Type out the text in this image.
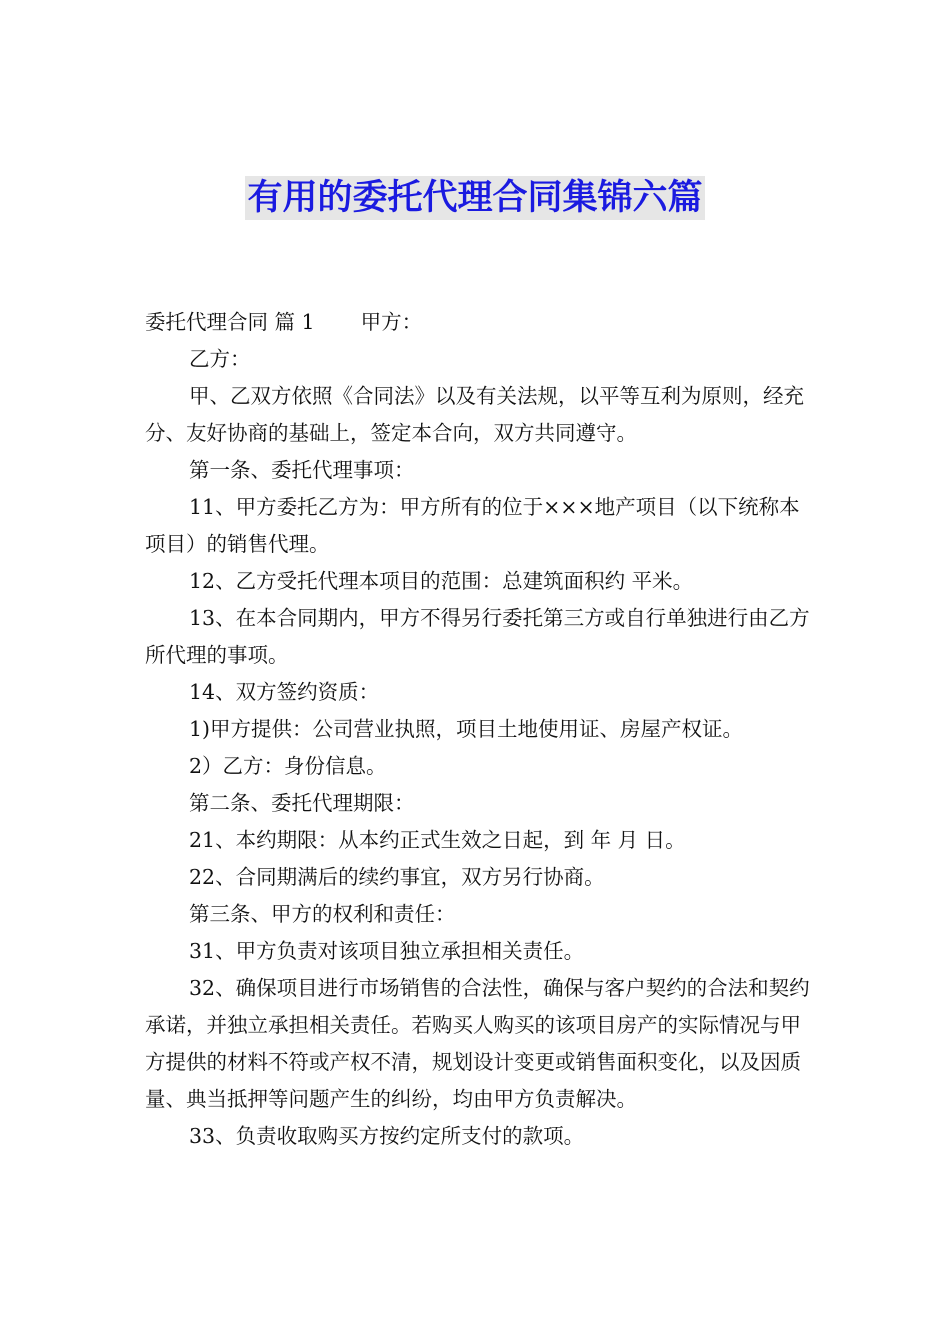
有用的委托代理合同集锦六篇

委托代理合同 篇 1 甲方：

乙方：

甲、乙双方依照《合同法》以及有关法规，以平等互利为原则，经充分、友好协商的基础上，签定本合向，双方共同遵守。

第一条、委托代理事项：

11、甲方委托乙方为：甲方所有的位于×××地产项目（以下统称本项目）的销售代理。

12、乙方受托代理本项目的范围：总建筑面积约 平米。

13、在本合同期内，甲方不得另行委托第三方或自行单独进行由乙方所代理的事项。

14、双方签约资质：

1)甲方提供：公司营业执照，项目土地使用证、房屋产权证。

2）乙方：身份信息。

第二条、委托代理期限：

21、本约期限：从本约正式生效之日起，到 年 月 日。

22、合同期满后的续约事宜，双方另行协商。

第三条、甲方的权利和责任：

31、甲方负责对该项目独立承担相关责任。

32、确保项目进行市场销售的合法性，确保与客户契约的合法和契约承诺，并独立承担相关责任。若购买人购买的该项目房产的实际情况与甲方提供的材料不符或产权不清，规划设计变更或销售面积变化，以及因质量、典当抵押等问题产生的纠纷，均由甲方负责解决。

33、负责收取购买方按约定所支付的款项。
